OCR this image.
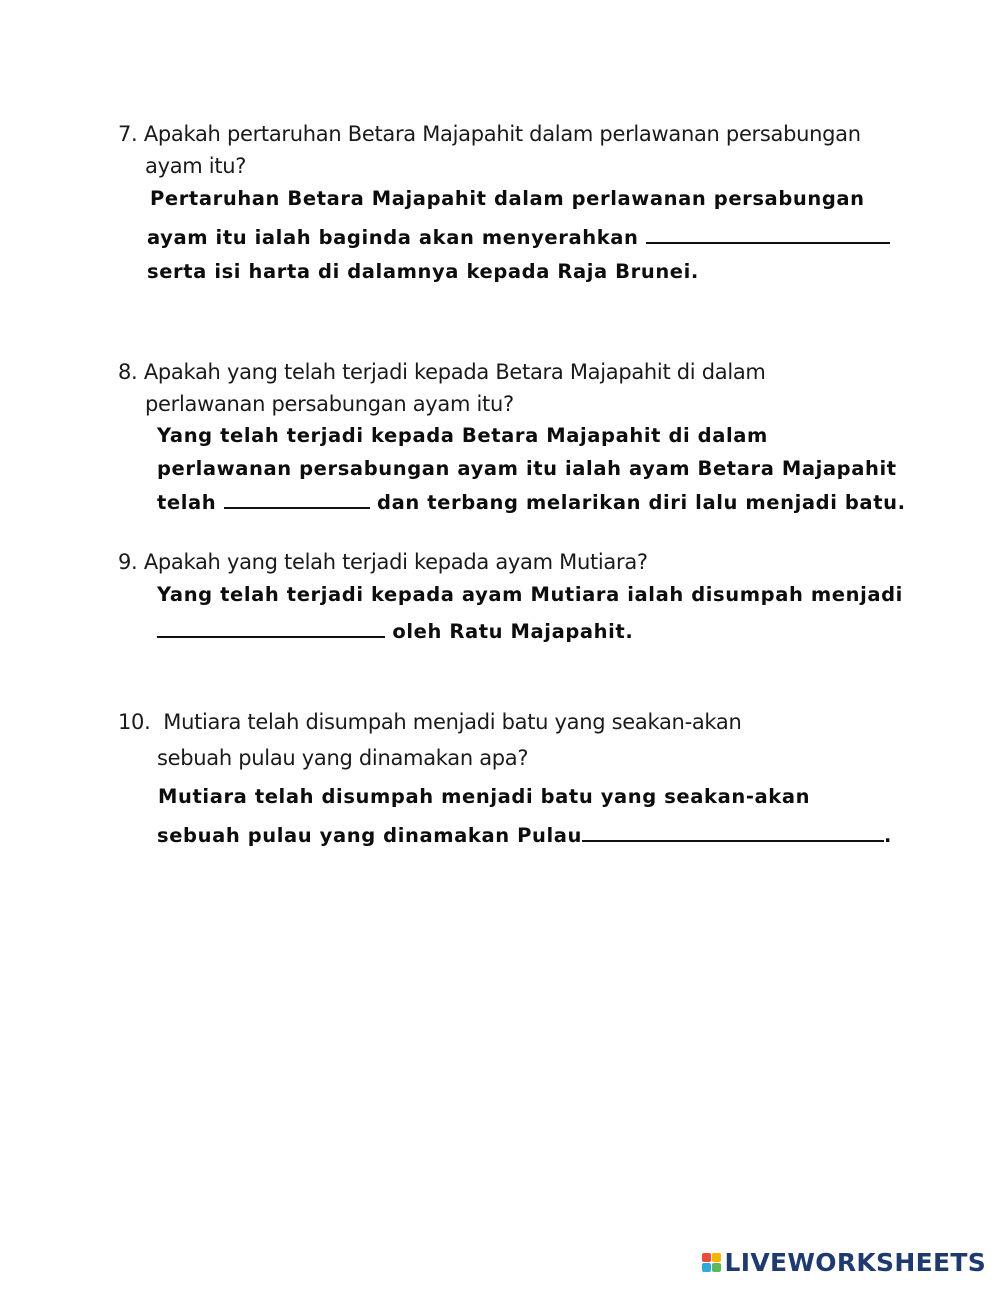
7. Apakah pertaruhan Betara Majapahit dalam perlawanan persabungan

ayam itu?

Pertaruhan Betara Majapahit dalam perlawanan persabungan

ayam itu ialah baginda akan menyerahkan

serta isi harta di dalamnya kepada Raja Brunei.

8. Apakah yang telah terjadi kepada Betara Majapahit di dalam

perlawanan persabungan ayam itu?

Yang telah terjadi kepada Betara Majapahit di dalam

perlawanan persabungan ayam itu ialah ayam Betara Majapahit

telah	dan terbang melarikan diri lalu menjadi batu.

9. Apakah yang telah terjadi kepada ayam Mutiara?

Yang telah terjadi kepada ayam Mutiara ialah disumpah menjadi

oleh Ratu Majapahit.

10. Mutiara telah disumpah menjadi batu yang seakan-akan

sebuah pulau yang dinamakan apa?

Mutiara telah disumpah menjadi batu yang seakan-akan

sebuah pulau yang dinamakan Pulau	.

LIVEWORKSHEETS
